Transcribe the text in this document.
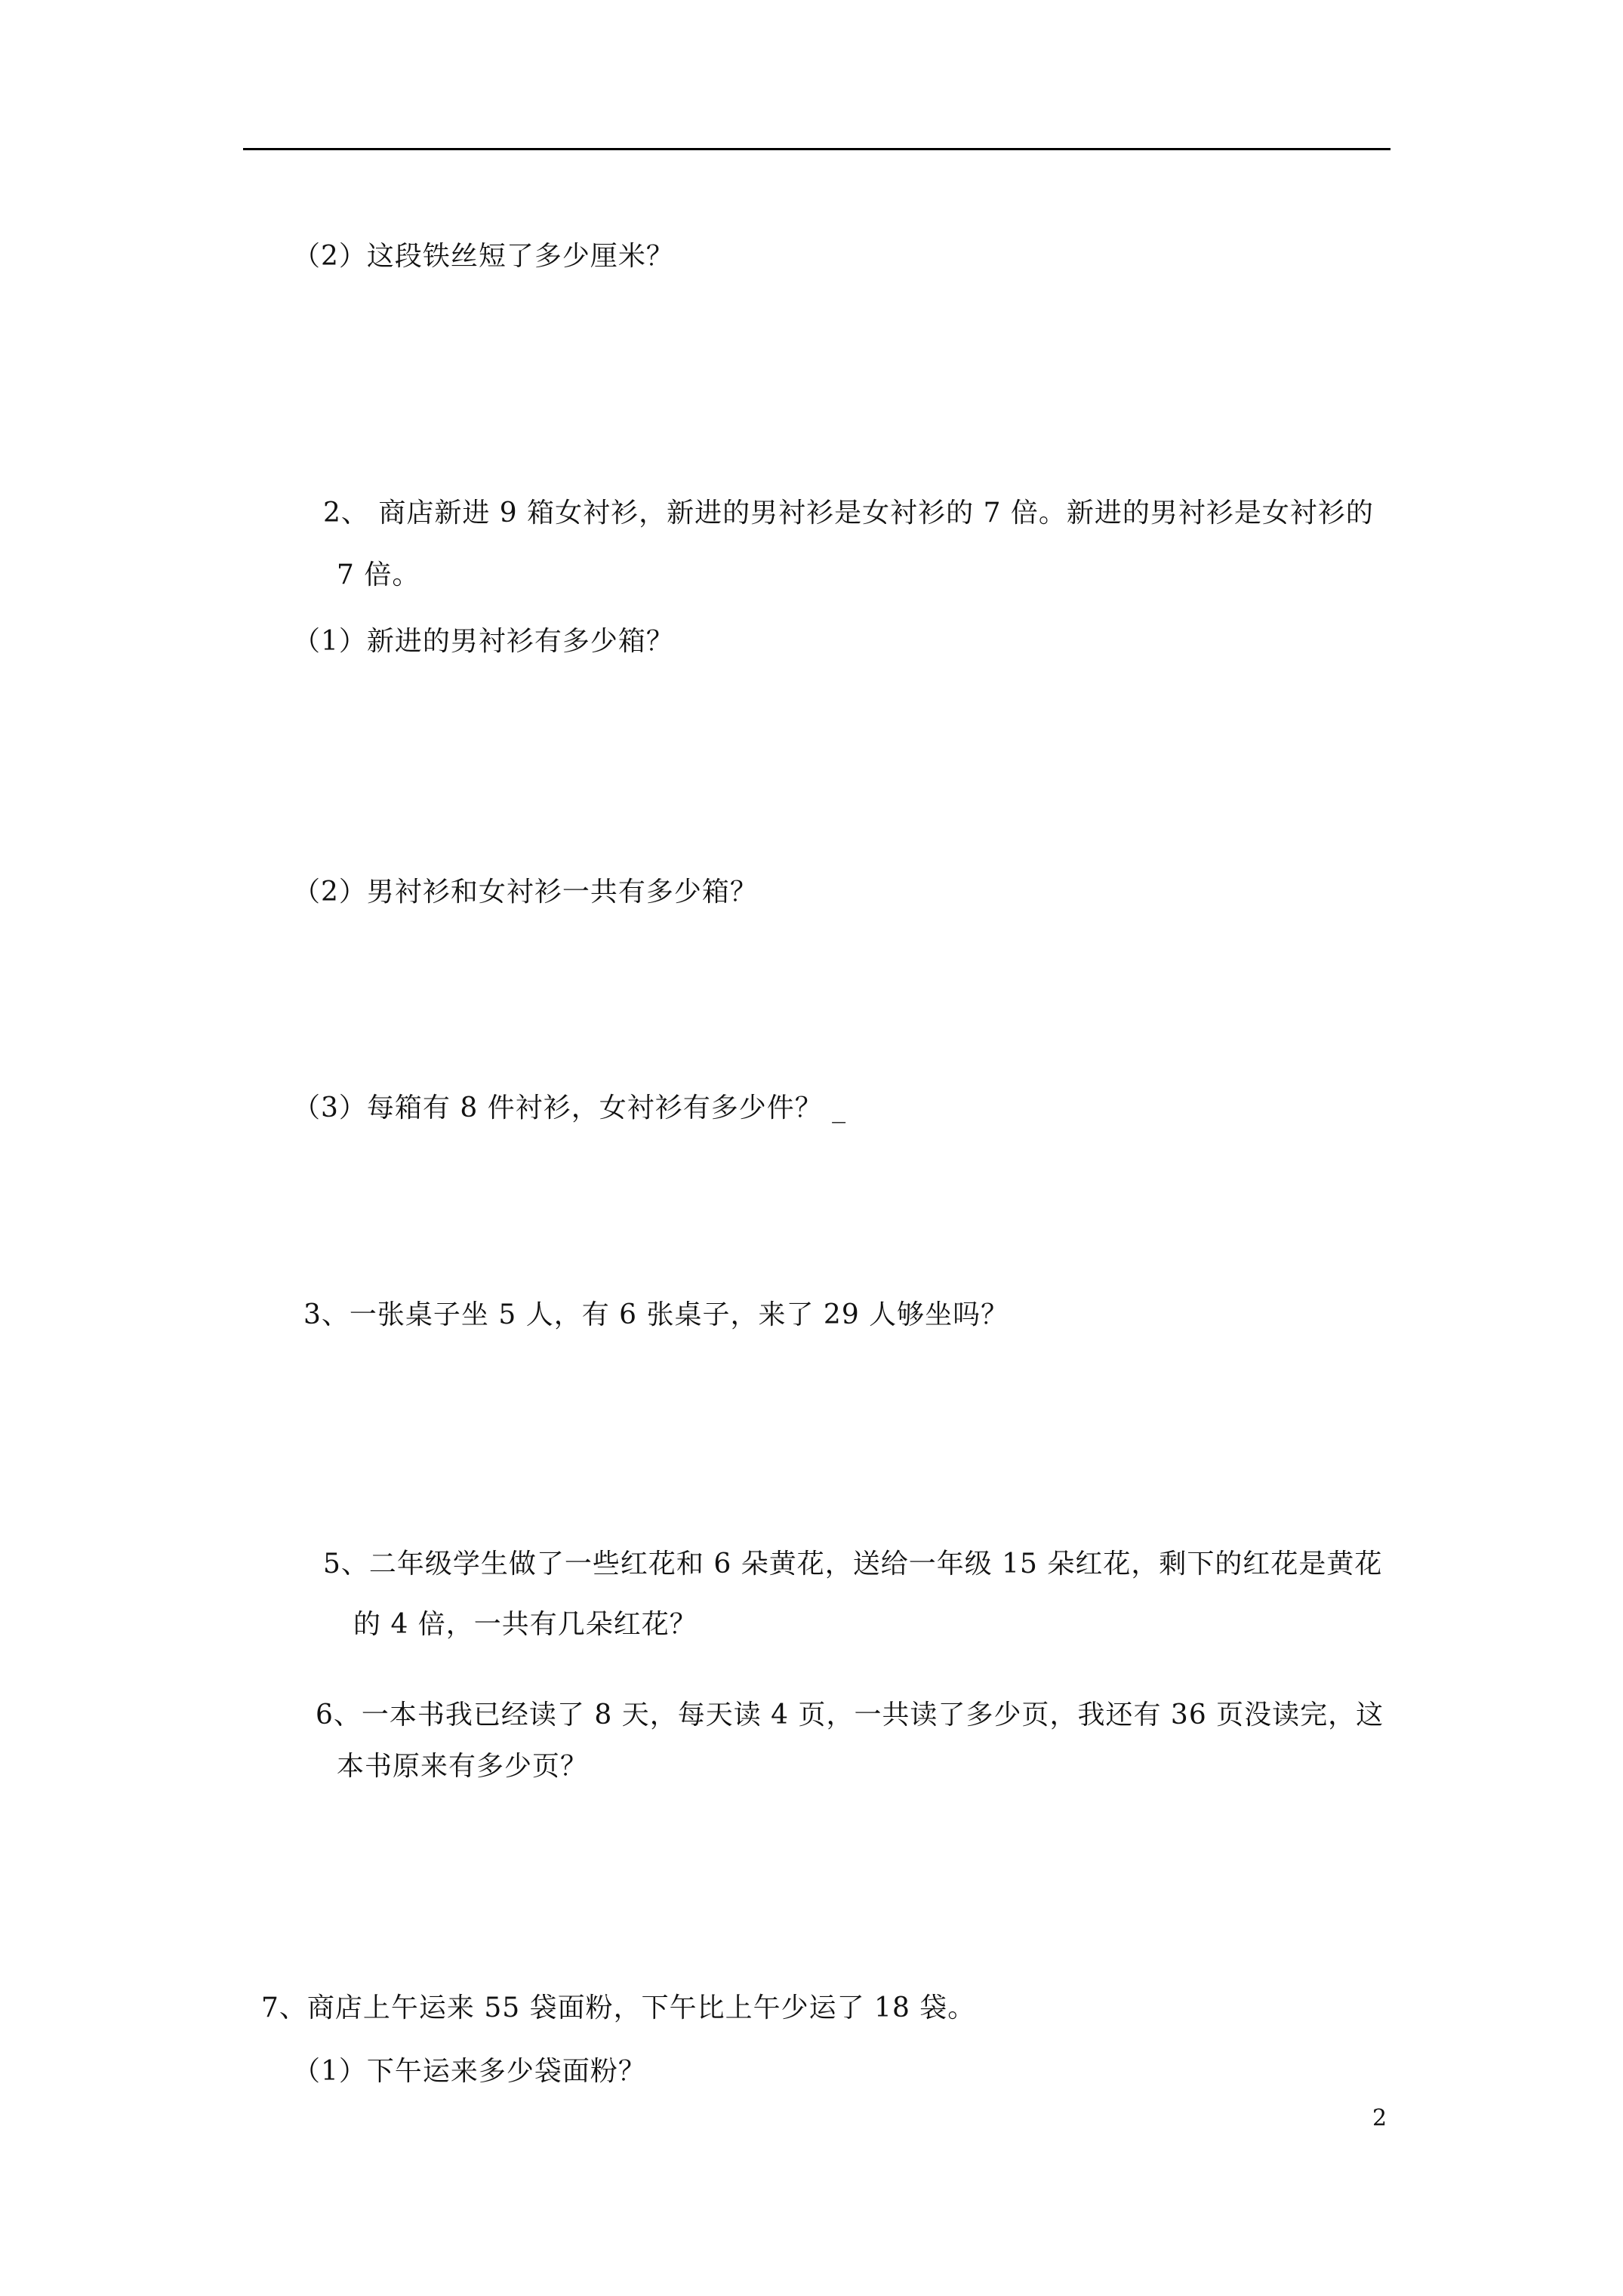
（2）这段铁丝短了多少厘米？
2、 商店新进 9 箱女衬衫，新进的男衬衫是女衬衫的 7 倍。新进的男衬衫是女衬衫的
7 倍。
（1）新进的男衬衫有多少箱？
（2）男衬衫和女衬衫一共有多少箱？
（3）每箱有 8 件衬衫，女衬衫有多少件？ _
3、一张桌子坐 5 人，有 6 张桌子，来了 29 人够坐吗？
5、二年级学生做了一些红花和 6 朵黄花，送给一年级 15 朵红花，剩下的红花是黄花
的 4 倍，一共有几朵红花？
6、一本书我已经读了 8 天，每天读 4 页，一共读了多少页，我还有 36 页没读完，这
本书原来有多少页？
7、商店上午运来 55 袋面粉，下午比上午少运了 18 袋。
（1）下午运来多少袋面粉？
2
